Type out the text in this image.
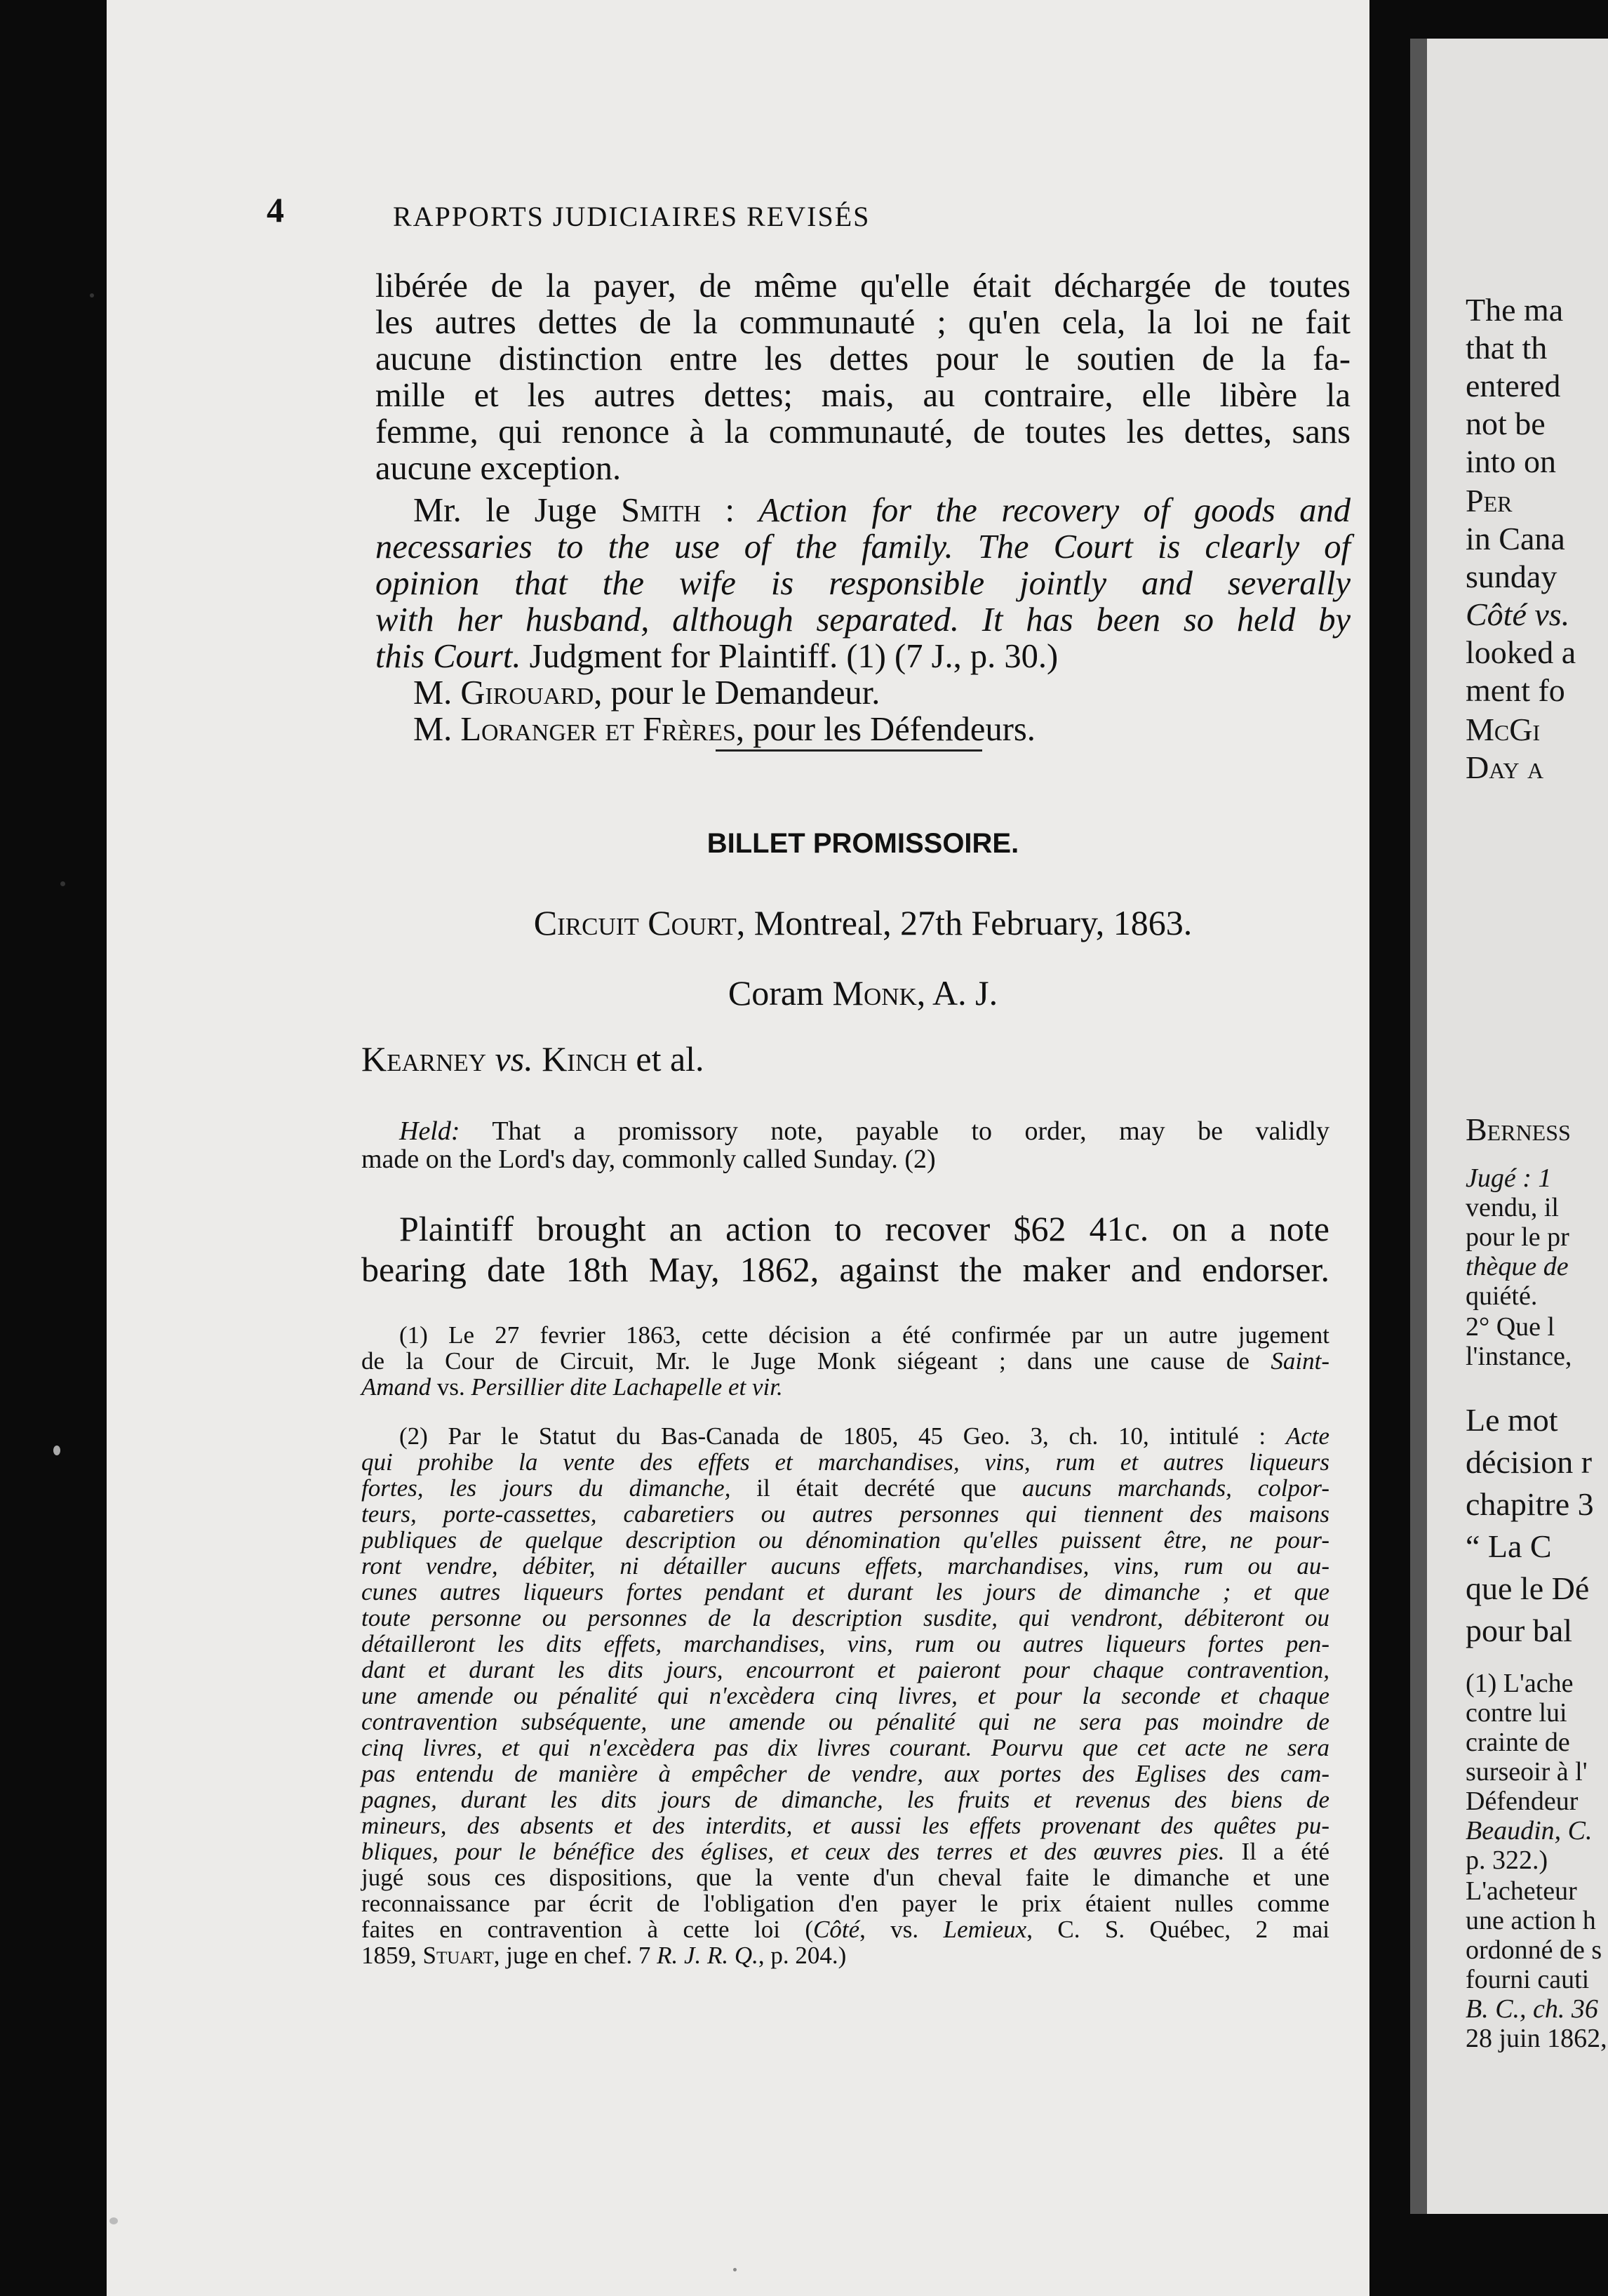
4	RAPPORTS JUDICIAIRES REVISÉS
libérée de la payer, de même qu'elle était déchargée de toutes
les autres dettes de la communauté ; qu'en cela, la loi ne fait
aucune distinction entre les dettes pour le soutien de la fa-
mille et les autres dettes; mais, au contraire, elle libère la
femme, qui renonce à la communauté, de toutes les dettes, sans
aucune exception.
Mr. le Juge Smith : Action for the recovery of goods and
necessaries to the use of the family. The Court is clearly of
opinion that the wife is responsible jointly and severally
with her husband, although separated. It has been so held by
this Court. Judgment for Plaintiff. (1) (7 J., p. 30.)
M. Girouard, pour le Demandeur.
M. Loranger et Frères, pour les Défendeurs.
BILLET PROMISSOIRE.
Circuit Court, Montreal, 27th February, 1863.
Coram Monk, A. J.
Kearney vs. Kinch et al.
Held: That a promissory note, payable to order, may be validly
made on the Lord's day, commonly called Sunday. (2)
Plaintiff brought an action to recover $62 41c. on a note
bearing date 18th May, 1862, against the maker and endorser.
(1) Le 27 fevrier 1863, cette décision a été confirmée par un autre jugement
de la Cour de Circuit, Mr. le Juge Monk siégeant ; dans une cause de Saint-
Amand vs. Persillier dite Lachapelle et vir.
(2) Par le Statut du Bas-Canada de 1805, 45 Geo. 3, ch. 10, intitulé : Acte
qui prohibe la vente des effets et marchandises, vins, rum et autres liqueurs
fortes, les jours du dimanche, il était decrété que aucuns marchands, colpor-
teurs, porte-cassettes, cabaretiers ou autres personnes qui tiennent des maisons
publiques de quelque description ou dénomination qu'elles puissent être, ne pour-
ront vendre, débiter, ni détailler aucuns effets, marchandises, vins, rum ou au-
cunes autres liqueurs fortes pendant et durant les jours de dimanche ; et que
toute personne ou personnes de la description susdite, qui vendront, débiteront ou
détailleront les dits effets, marchandises, vins, rum ou autres liqueurs fortes pen-
dant et durant les dits jours, encourront et paieront pour chaque contravention,
une amende ou pénalité qui n'excèdera cinq livres, et pour la seconde et chaque
contravention subséquente, une amende ou pénalité qui ne sera pas moindre de
cinq livres, et qui n'excèdera pas dix livres courant. Pourvu que cet acte ne sera
pas entendu de manière à empêcher de vendre, aux portes des Eglises des cam-
pagnes, durant les dits jours de dimanche, les fruits et revenus des biens de
mineurs, des absents et des interdits, et aussi les effets provenant des quêtes pu-
bliques, pour le bénéfice des églises, et ceux des terres et des œuvres pies. Il a été
jugé sous ces dispositions, que la vente d'un cheval faite le dimanche et une
reconnaissance par écrit de l'obligation d'en payer le prix étaient nulles comme
faites en contravention à cette loi (Côté, vs. Lemieux, C. S. Québec, 2 mai
1859, Stuart, juge en chef. 7 R. J. R. Q., p. 204.)
The ma
that th
entered
not be
into on
Per
in Cana
sunday
Côté vs.
looked a
ment fo
McGi
Day a
Berness
Jugé : 1
vendu, il
pour le pr
thèque de
quiété.
2° Que l
l'instance,
Le mot
décision r
chapitre 3
“ La C
que le Dé
pour bal
(1) L'ache
contre lui
crainte de
surseoir à l'
Défendeur
Beaudin, C.
p. 322.)
L'acheteur
une action h
ordonné de s
fourni cauti
B. C., ch. 36
28 juin 1862,
